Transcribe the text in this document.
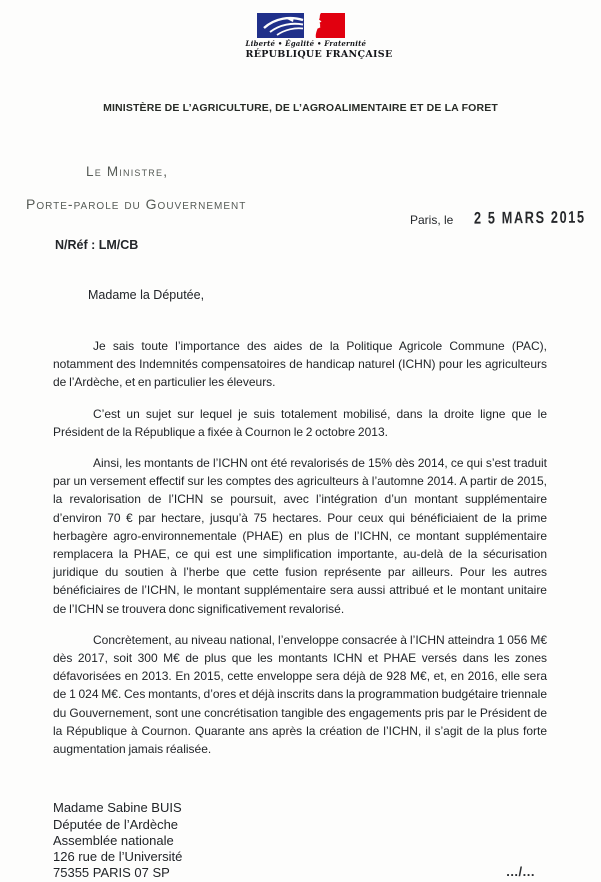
Liberté • Égalité • Fraternité
RÉPUBLIQUE FRANÇAISE
MINISTÈRE DE L’AGRICULTURE, DE L’AGROALIMENTAIRE ET DE LA FORET
Le Ministre,
Porte-parole du Gouvernement
Paris, le 2 5 MARS 2015
N/Réf : LM/CB
Madame la Députée,

Je sais toute l’importance des aides de la Politique Agricole Commune (PAC), notamment des Indemnités compensatoires de handicap naturel (ICHN) pour les agriculteurs de l’Ardèche, et en particulier les éleveurs.

C’est un sujet sur lequel je suis totalement mobilisé, dans la droite ligne que le Président de la République a fixée à Cournon le 2 octobre 2013.

Ainsi, les montants de l’ICHN ont été revalorisés de 15% dès 2014, ce qui s’est traduit par un versement effectif sur les comptes des agriculteurs à l’automne 2014. A partir de 2015, la revalorisation de l’ICHN se poursuit, avec l’intégration d’un montant supplémentaire d’environ 70 € par hectare, jusqu’à 75 hectares. Pour ceux qui bénéficiaient de la prime herbagère agro-environnementale (PHAE) en plus de l’ICHN, ce montant supplémentaire remplacera la PHAE, ce qui est une simplification importante, au-delà de la sécurisation juridique du soutien à l’herbe que cette fusion représente par ailleurs. Pour les autres bénéficiaires de l’ICHN, le montant supplémentaire sera aussi attribué et le montant unitaire de l’ICHN se trouvera donc significativement revalorisé.

Concrètement, au niveau national, l’enveloppe consacrée à l’ICHN atteindra 1 056 M€ dès 2017, soit 300 M€ de plus que les montants ICHN et PHAE versés dans les zones défavorisées en 2013. En 2015, cette enveloppe sera déjà de 928 M€, et, en 2016, elle sera de 1 024 M€. Ces montants, d’ores et déjà inscrits dans la programmation budgétaire triennale du Gouvernement, sont une concrétisation tangible des engagements pris par le Président de la République à Cournon. Quarante ans après la création de l’ICHN, il s’agit de la plus forte augmentation jamais réalisée.

Madame Sabine BUIS
Députée de l’Ardèche
Assemblée nationale
126 rue de l’Université
75355 PARIS 07 SP	.../...
